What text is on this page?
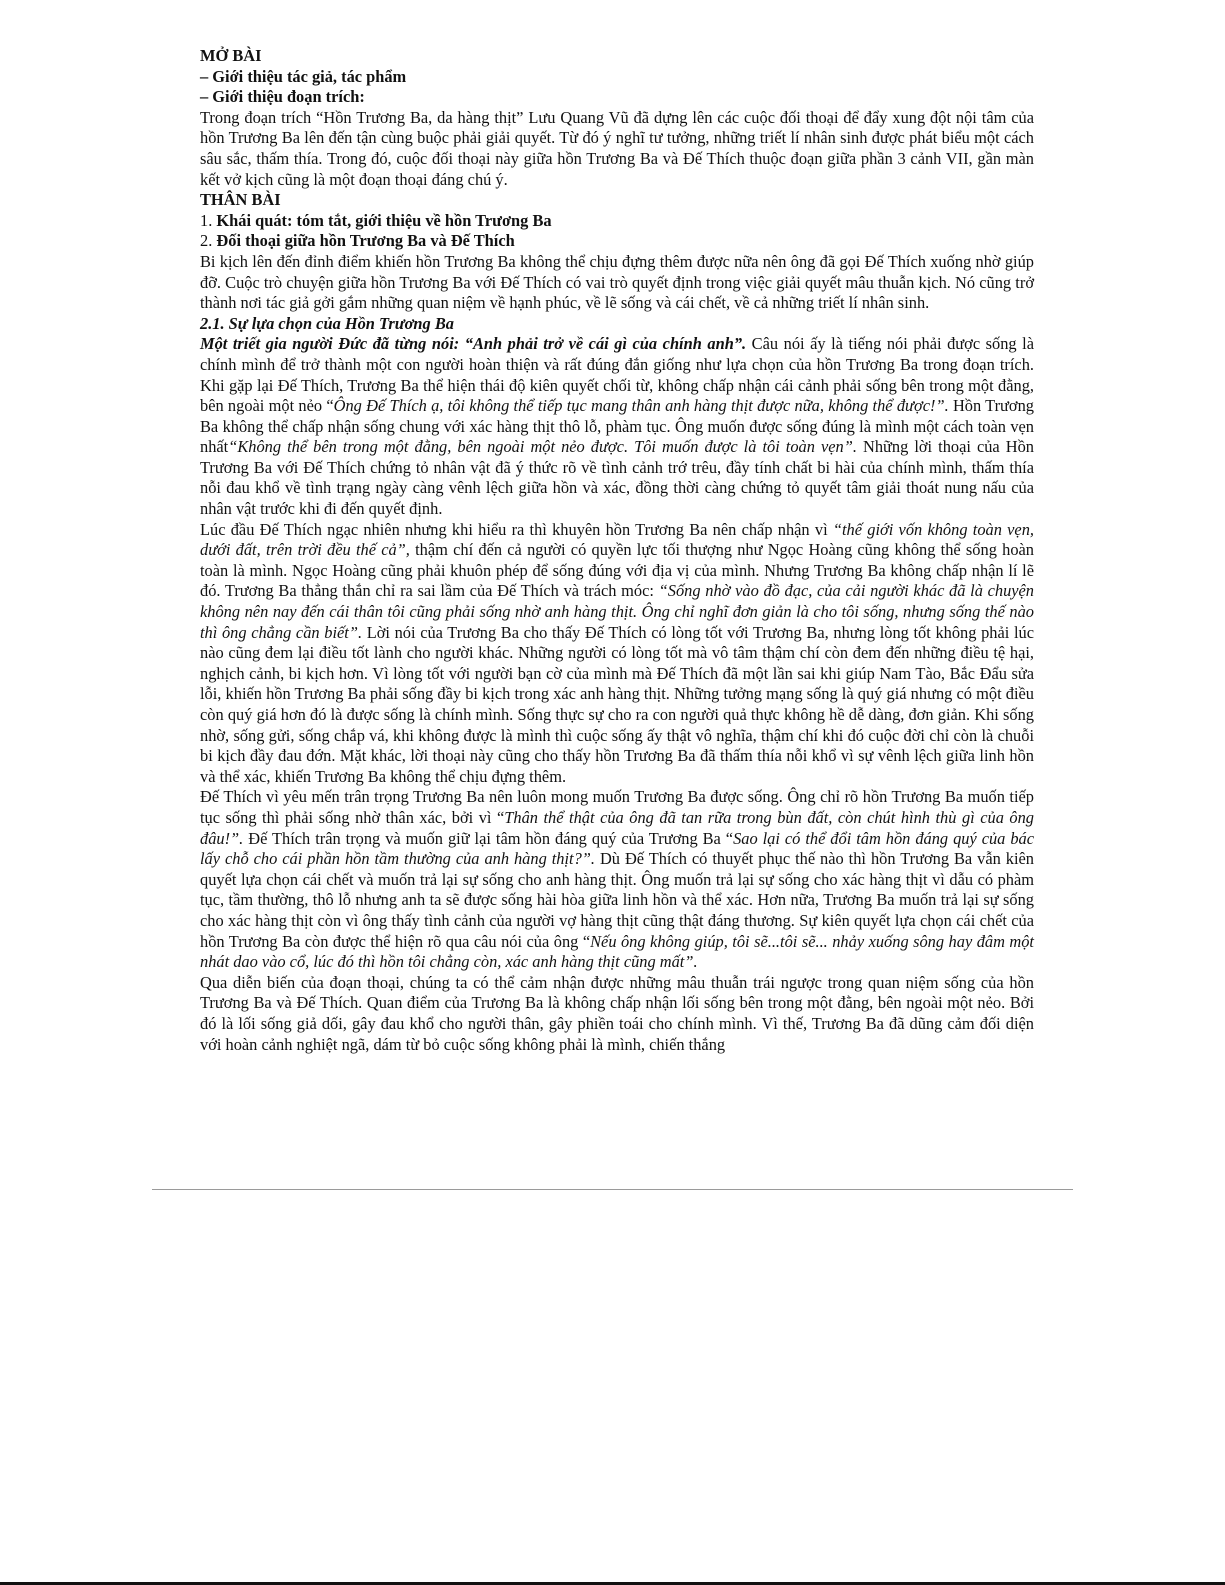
MỞ BÀI

– Giới thiệu tác giả, tác phẩm

– Giới thiệu đoạn trích:

Trong đoạn trích “Hồn Trương Ba, da hàng thịt” Lưu Quang Vũ đã dựng lên các cuộc đối thoại để đẩy xung đột nội tâm của hồn Trương Ba lên đến tận cùng buộc phải giải quyết. Từ đó ý nghĩ tư tưởng, những triết lí nhân sinh được phát biểu một cách sâu sắc, thấm thía. Trong đó, cuộc đối thoại này giữa hồn Trương Ba và Đế Thích thuộc đoạn giữa phần 3 cảnh VII, gần màn kết vở kịch cũng là một đoạn thoại đáng chú ý.

THÂN BÀI

1. Khái quát: tóm tắt, giới thiệu về hồn Trương Ba

2. Đối thoại giữa hồn Trương Ba và Đế Thích

Bi kịch lên đến đỉnh điểm khiến hồn Trương Ba không thể chịu đựng thêm được nữa nên ông đã gọi Đế Thích xuống nhờ giúp đỡ. Cuộc trò chuyện giữa hồn Trương Ba với Đế Thích có vai trò quyết định trong việc giải quyết mâu thuẫn kịch. Nó cũng trở thành nơi tác giả gởi gắm những quan niệm về hạnh phúc, về lẽ sống và cái chết, về cả những triết lí nhân sinh.

2.1. Sự lựa chọn của Hồn Trương Ba

Một triết gia người Đức đã từng nói: “Anh phải trở về cái gì của chính anh”. Câu nói ấy là tiếng nói phải được sống là chính mình để trở thành một con người hoàn thiện và rất đúng đắn giống như lựa chọn của hồn Trương Ba trong đoạn trích. Khi gặp lại Đế Thích, Trương Ba thể hiện thái độ kiên quyết chối từ, không chấp nhận cái cảnh phải sống bên trong một đằng, bên ngoài một nẻo “Ông Đế Thích ạ, tôi không thể tiếp tục mang thân anh hàng thịt được nữa, không thể được!”. Hồn Trương Ba không thể chấp nhận sống chung với xác hàng thịt thô lỗ, phàm tục. Ông muốn được sống đúng là mình một cách toàn vẹn nhất“Không thể bên trong một đằng, bên ngoài một nẻo được. Tôi muốn được là tôi toàn vẹn”. Những lời thoại của Hồn Trương Ba với Đế Thích chứng tỏ nhân vật đã ý thức rõ về tình cảnh trớ trêu, đầy tính chất bi hài của chính mình, thấm thía nỗi đau khổ về tình trạng ngày càng vênh lệch giữa hồn và xác, đồng thời càng chứng tỏ quyết tâm giải thoát nung nấu của nhân vật trước khi đi đến quyết định.

Lúc đầu Đế Thích ngạc nhiên nhưng khi hiểu ra thì khuyên hồn Trương Ba nên chấp nhận vì “thế giới vốn không toàn vẹn, dưới đất, trên trời đều thế cả”, thậm chí đến cả người có quyền lực tối thượng như Ngọc Hoàng cũng không thể sống hoàn toàn là mình. Ngọc Hoàng cũng phải khuôn phép để sống đúng với địa vị của mình. Nhưng Trương Ba không chấp nhận lí lẽ đó. Trương Ba thẳng thắn chỉ ra sai lầm của Đế Thích và trách móc: “Sống nhờ vào đồ đạc, của cải người khác đã là chuyện không nên nay đến cái thân tôi cũng phải sống nhờ anh hàng thịt. Ông chỉ nghĩ đơn giản là cho tôi sống, nhưng sống thế nào thì ông chẳng cần biết”. Lời nói của Trương Ba cho thấy Đế Thích có lòng tốt với Trương Ba, nhưng lòng tốt không phải lúc nào cũng đem lại điều tốt lành cho người khác. Những người có lòng tốt mà vô tâm thậm chí còn đem đến những điều tệ hại, nghịch cảnh, bi kịch hơn. Vì lòng tốt với người bạn cờ của mình mà Đế Thích đã một lần sai khi giúp Nam Tào, Bắc Đẩu sửa lỗi, khiến hồn Trương Ba phải sống đầy bi kịch trong xác anh hàng thịt. Những tưởng mạng sống là quý giá nhưng có một điều còn quý giá hơn đó là được sống là chính mình. Sống thực sự cho ra con người quả thực không hề dễ dàng, đơn giản. Khi sống nhờ, sống gửi, sống chắp vá, khi không được là mình thì cuộc sống ấy thật vô nghĩa, thậm chí khi đó cuộc đời chỉ còn là chuỗi bi kịch đầy đau đớn. Mặt khác, lời thoại này cũng cho thấy hồn Trương Ba đã thấm thía nỗi khổ vì sự vênh lệch giữa linh hồn và thể xác, khiến Trương Ba không thể chịu đựng thêm.

Đế Thích vì yêu mến trân trọng Trương Ba nên luôn mong muốn Trương Ba được sống. Ông chỉ rõ hồn Trương Ba muốn tiếp tục sống thì phải sống nhờ thân xác, bởi vì “Thân thể thật của ông đã tan rữa trong bùn đất, còn chút hình thù gì của ông đâu!”. Đế Thích trân trọng và muốn giữ lại tâm hồn đáng quý của Trương Ba “Sao lại có thể đổi tâm hồn đáng quý của bác lấy chỗ cho cái phần hồn tầm thường của anh hàng thịt?”. Dù Đế Thích có thuyết phục thế nào thì hồn Trương Ba vẫn kiên quyết lựa chọn cái chết và muốn trả lại sự sống cho anh hàng thịt. Ông muốn trả lại sự sống cho xác hàng thịt vì dẫu có phàm tục, tầm thường, thô lỗ nhưng anh ta sẽ được sống hài hòa giữa linh hồn và thể xác. Hơn nữa, Trương Ba muốn trả lại sự sống cho xác hàng thịt còn vì ông thấy tình cảnh của người vợ hàng thịt cũng thật đáng thương. Sự kiên quyết lựa chọn cái chết của hồn Trương Ba còn được thể hiện rõ qua câu nói của ông “Nếu ông không giúp, tôi sẽ...tôi sẽ... nhảy xuống sông hay đâm một nhát dao vào cổ, lúc đó thì hồn tôi chẳng còn, xác anh hàng thịt cũng mất”.

Qua diễn biến của đoạn thoại, chúng ta có thể cảm nhận được những mâu thuẫn trái ngược trong quan niệm sống của hồn Trương Ba và Đế Thích. Quan điểm của Trương Ba là không chấp nhận lối sống bên trong một đằng, bên ngoài một nẻo. Bởi đó là lối sống giả dối, gây đau khổ cho người thân, gây phiền toái cho chính mình. Vì thế, Trương Ba đã dũng cảm đối diện với hoàn cảnh nghiệt ngã, dám từ bỏ cuộc sống không phải là mình, chiến thắng
